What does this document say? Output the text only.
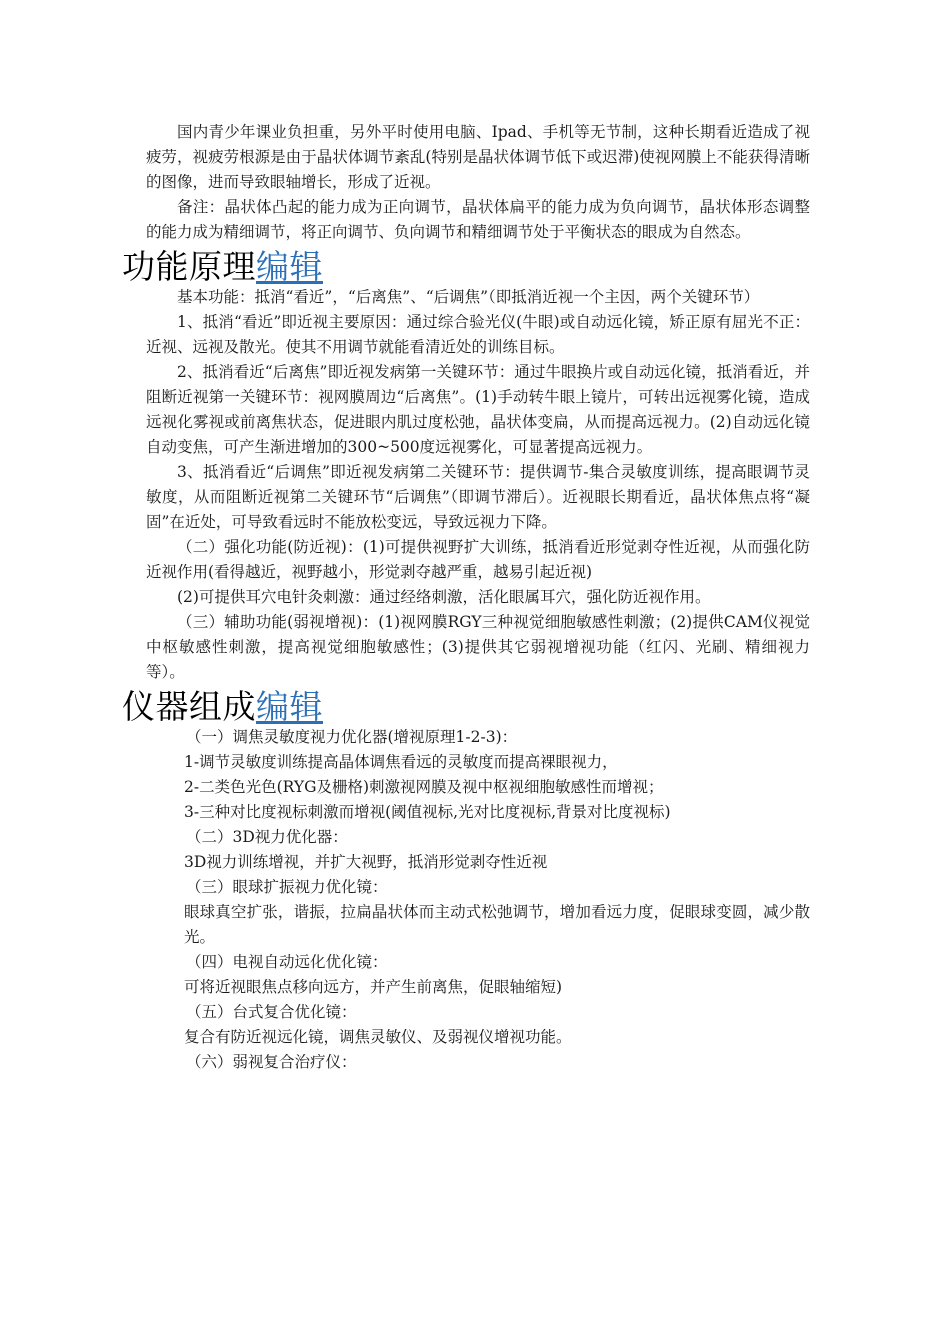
国内青少年课业负担重，另外平时使用电脑、Ipad、手机等无节制，这种长期看近造成了视疲劳，视疲劳根源是由于晶状体调节紊乱(特别是晶状体调节低下或迟滞)使视网膜上不能获得清晰的图像，进而导致眼轴增长，形成了近视。

备注：晶状体凸起的能力成为正向调节，晶状体扁平的能力成为负向调节，晶状体形态调整的能力成为精细调节，将正向调节、负向调节和精细调节处于平衡状态的眼成为自然态。

功能原理编辑

基本功能：抵消“看近”，“后离焦”、“后调焦”（即抵消近视一个主因，两个关键环节）

1、抵消“看近”即近视主要原因：通过综合验光仪(牛眼)或自动远化镜，矫正原有屈光不正：近视、远视及散光。使其不用调节就能看清近处的训练目标。

2、抵消看近“后离焦”即近视发病第一关键环节：通过牛眼换片或自动远化镜，抵消看近，并阻断近视第一关键环节：视网膜周边“后离焦”。(1)手动转牛眼上镜片，可转出远视雾化镜，造成远视化雾视或前离焦状态，促进眼内肌过度松弛，晶状体变扁，从而提高远视力。(2)自动远化镜自动变焦，可产生渐进增加的300~500度远视雾化，可显著提高远视力。

3、抵消看近“后调焦”即近视发病第二关键环节：提供调节-集合灵敏度训练，提高眼调节灵敏度，从而阻断近视第二关键环节“后调焦”（即调节滞后）。近视眼长期看近，晶状体焦点将“凝固”在近处，可导致看远时不能放松变远，导致远视力下降。

（二）强化功能(防近视)：(1)可提供视野扩大训练，抵消看近形觉剥夺性近视，从而强化防近视作用(看得越近，视野越小，形觉剥夺越严重，越易引起近视)

(2)可提供耳穴电针灸刺激：通过经络刺激，活化眼属耳穴，强化防近视作用。

（三）辅助功能(弱视增视)：(1)视网膜RGY三种视觉细胞敏感性刺激；(2)提供CAM仪视觉中枢敏感性刺激，提高视觉细胞敏感性；(3)提供其它弱视增视功能（红闪、光刷、精细视力等）。

仪器组成编辑

（一）调焦灵敏度视力优化器(增视原理1-2-3)：

1-调节灵敏度训练提高晶体调焦看远的灵敏度而提高裸眼视力，

2-二类色光色(RYG及栅格)刺激视网膜及视中枢视细胞敏感性而增视；

3-三种对比度视标刺激而增视(阈值视标,光对比度视标,背景对比度视标)

（二）3D视力优化器：

3D视力训练增视，并扩大视野，抵消形觉剥夺性近视

（三）眼球扩振视力优化镜：

眼球真空扩张，谐振，拉扁晶状体而主动式松弛调节，增加看远力度，促眼球变圆，减少散光。

（四）电视自动远化优化镜：

可将近视眼焦点移向远方，并产生前离焦，促眼轴缩短)

（五）台式复合优化镜：

复合有防近视远化镜，调焦灵敏仪、及弱视仪增视功能。

（六）弱视复合治疗仪：
